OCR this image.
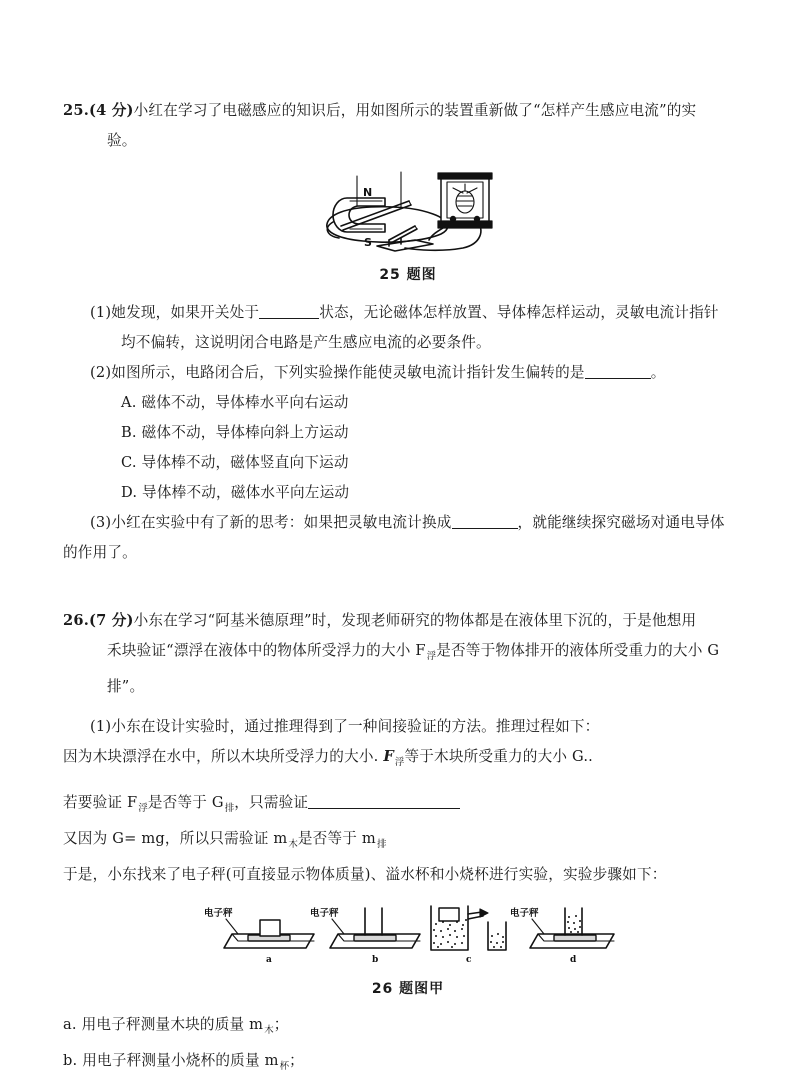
25.(4 分)小红在学习了电磁感应的知识后，用如图所示的装置重新做了“怎样产生感应电流”的实
验。
N
S
25 题图
(1)她发现，如果开关处于	状态，无论磁体怎样放置、导体棒怎样运动，灵敏电流计指针
均不偏转，这说明闭合电路是产生感应电流的必要条件。
(2)如图所示，电路闭合后，下列实验操作能使灵敏电流计指针发生偏转的是	。
A. 磁体不动，导体棒水平向右运动
B. 磁体不动，导体棒向斜上方运动
C. 导体棒不动，磁体竖直向下运动
D. 导体棒不动，磁体水平向左运动
(3)小红在实验中有了新的思考：如果把灵敏电流计换成	，就能继续探究磁场对通电导体
的作用了。
26.(7 分)小东在学习“阿基米德原理”时，发现老师研究的物体都是在液体里下沉的，于是他想用
禾块验证“漂浮在液体中的物体所受浮力的大小 $F_浮$是否等于物体排开的液体所受重力的大小 G
排”。
(1)小东在设计实验时，通过推理得到了一种间接验证的方法。推理过程如下：
因为木块漂浮在水中，所以木块所受浮力的大小. $F_浮$等于木块所受重力的大小 G..
若要验证 $F_浮$是否等于 $G_排$，只需验证
又因为 G= mg，所以只需验证 $m_木$是否等于 $m_排$
于是，小东找来了电子秤(可直接显示物体质量)、溢水杯和小烧杯进行实验，实验步骤如下：
电子秤
a
电子秤
b	c
电子秤
d
26 题图甲
a. 用电子秤测量木块的质量 $m_木$；
b. 用电子秤测量小烧杯的质量 $m_杯$；
